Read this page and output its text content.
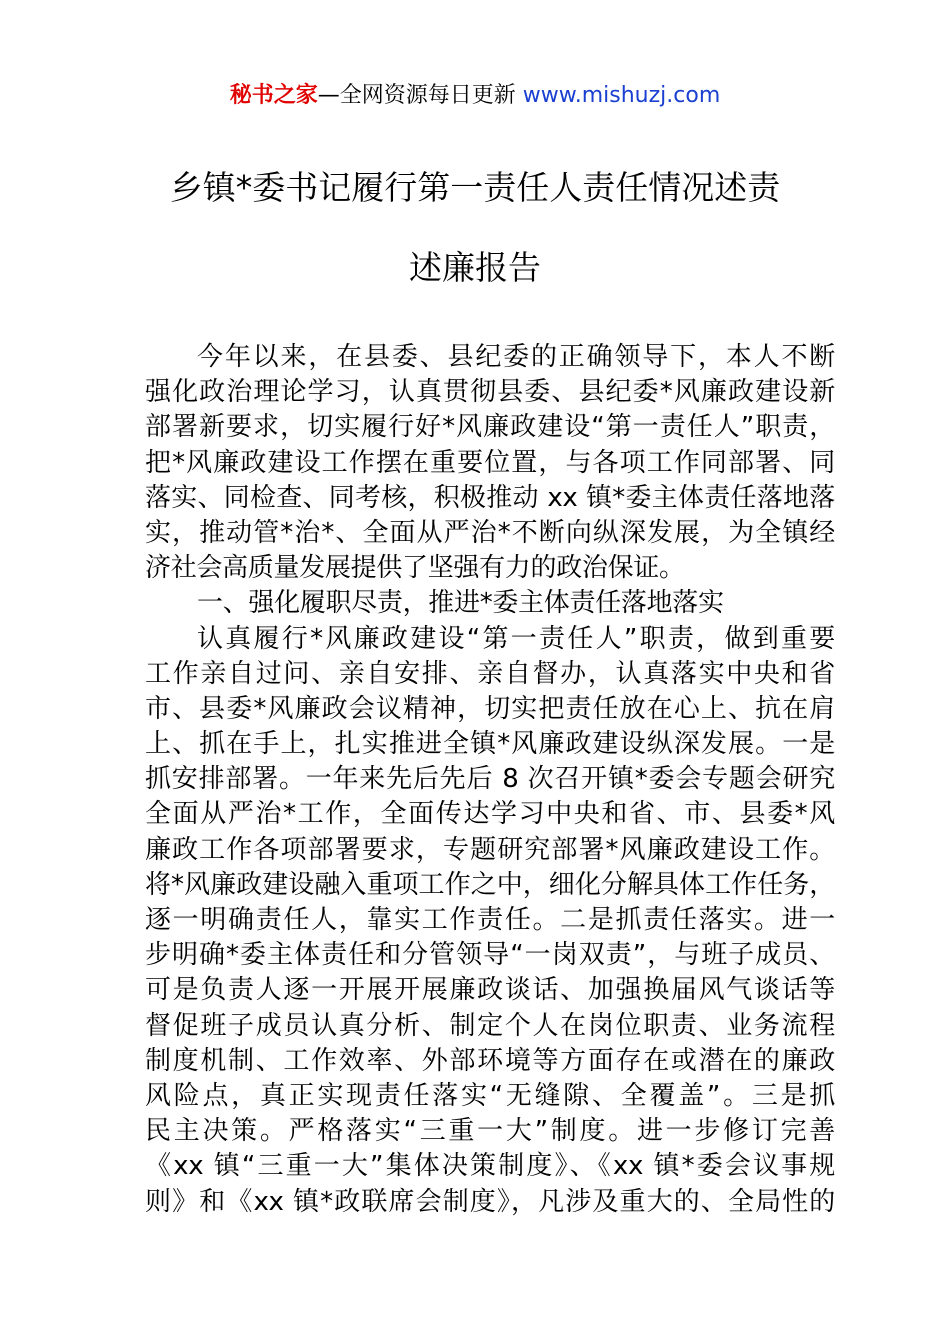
秘书之家—全网资源每日更新 www.mishuzj.com
乡镇*委书记履行第一责任人责任情况述责
述廉报告
今年以来，在县委、县纪委的正确领导下，本人不断
强化政治理论学习，认真贯彻县委、县纪委*风廉政建设新
部署新要求，切实履行好*风廉政建设“第一责任人”职责，
把*风廉政建设工作摆在重要位置，与各项工作同部署、同
落实、同检查、同考核，积极推动 xx 镇*委主体责任落地落
实，推动管*治*、全面从严治*不断向纵深发展，为全镇经
济社会高质量发展提供了坚强有力的政治保证。
一、强化履职尽责，推进*委主体责任落地落实
认真履行*风廉政建设“第一责任人”职责，做到重要
工作亲自过问、亲自安排、亲自督办，认真落实中央和省
市、县委*风廉政会议精神，切实把责任放在心上、抗在肩
上、抓在手上，扎实推进全镇*风廉政建设纵深发展。一是
抓安排部署。一年来先后先后 8 次召开镇*委会专题会研究
全面从严治*工作，全面传达学习中央和省、市、县委*风
廉政工作各项部署要求，专题研究部署*风廉政建设工作。
将*风廉政建设融入重项工作之中，细化分解具体工作任务，
逐一明确责任人，靠实工作责任。二是抓责任落实。进一
步明确*委主体责任和分管领导“一岗双责”，与班子成员、
可是负责人逐一开展开展廉政谈话、加强换届风气谈话等
督促班子成员认真分析、制定个人在岗位职责、业务流程
制度机制、工作效率、外部环境等方面存在或潜在的廉政
风险点，真正实现责任落实“无缝隙、全覆盖”。三是抓
民主决策。严格落实“三重一大”制度。进一步修订完善
《xx 镇“三重一大”集体决策制度》、《xx 镇*委会议事规
则》和《xx 镇*政联席会制度》，凡涉及重大的、全局性的
